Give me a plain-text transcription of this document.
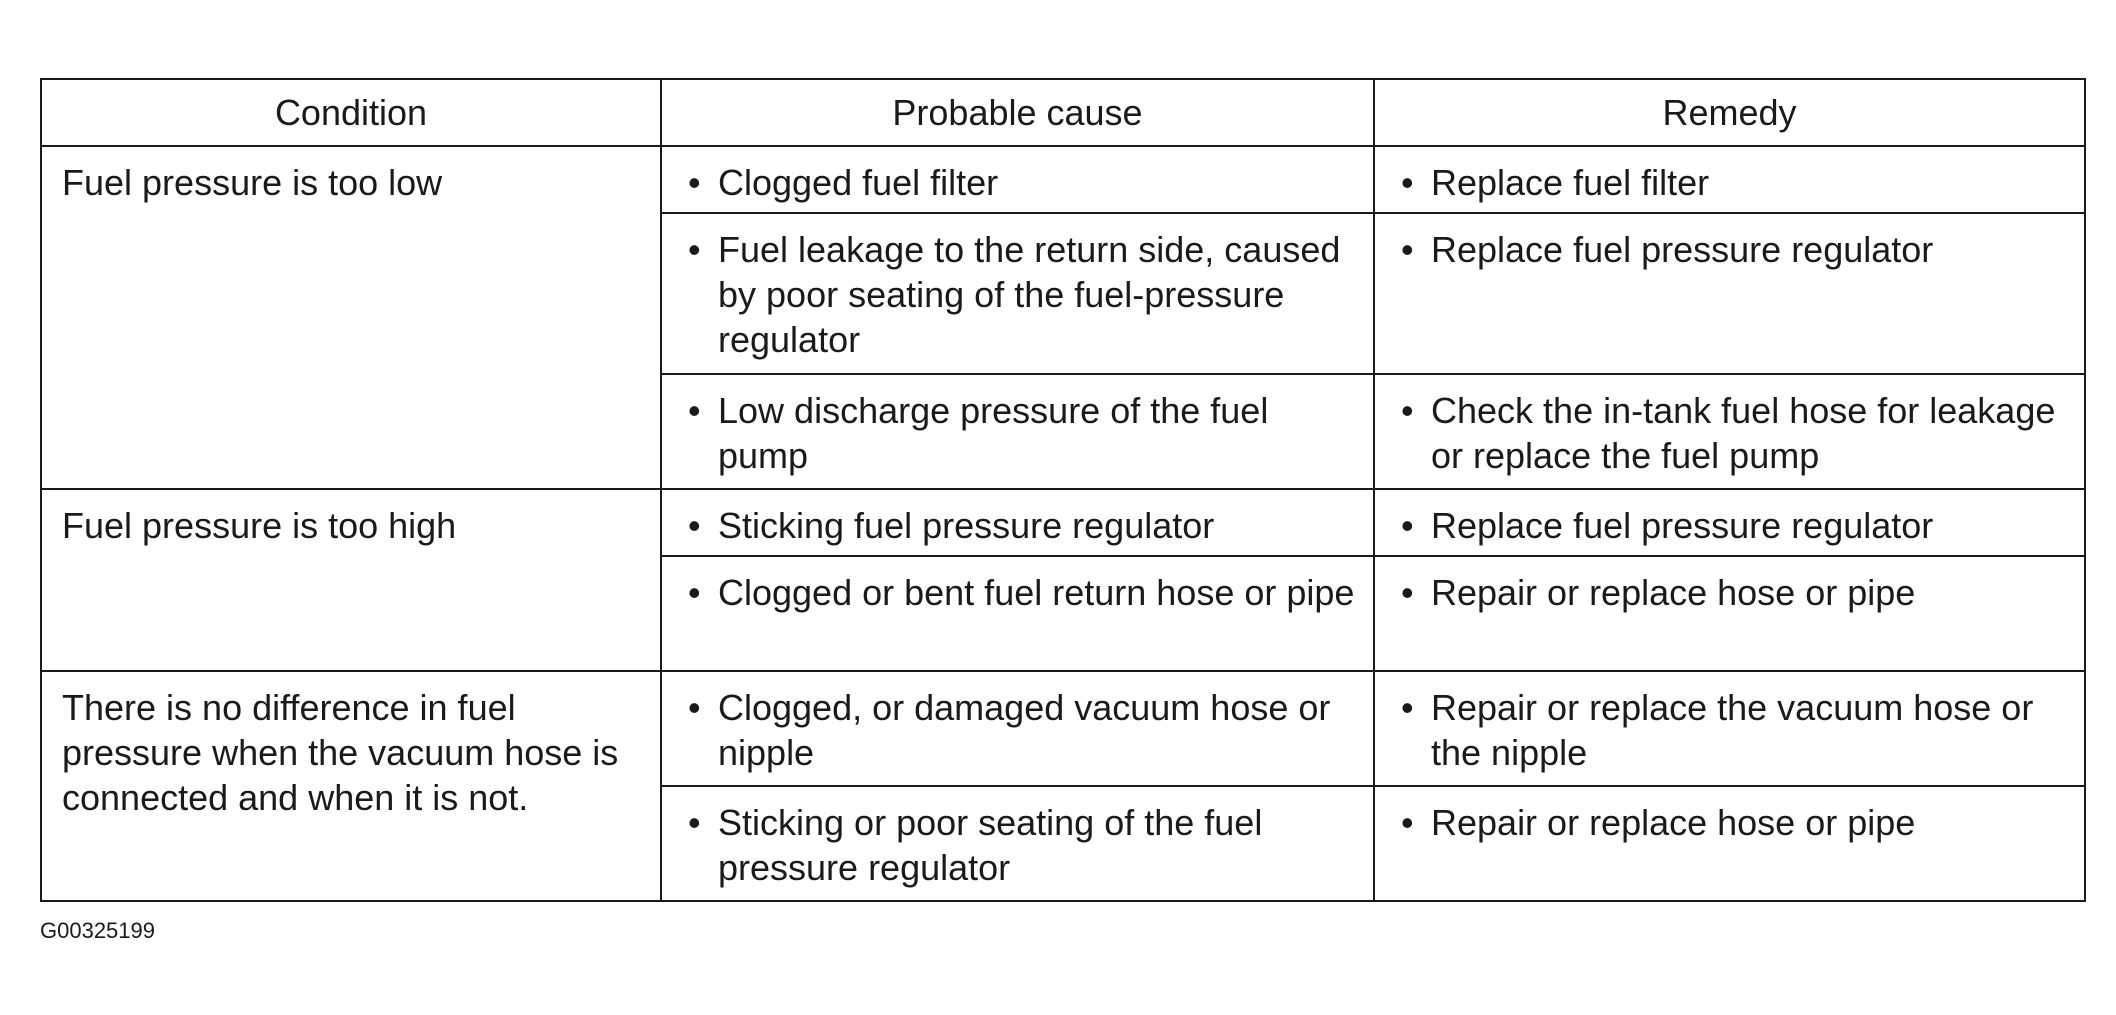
Condition	Probable cause	Remedy
Fuel pressure is too low	• Clogged fuel filter	• Replace fuel filter

	• Fuel leakage to the return side, caused by poor seating of the fuel-pressure regulator	• Replace fuel pressure regulator

	• Low discharge pressure of the fuel pump	• Check the in-tank fuel hose for leakage or replace the fuel pump

Fuel pressure is too high	• Sticking fuel pressure regulator	• Replace fuel pressure regulator

	• Clogged or bent fuel return hose or pipe	• Repair or replace hose or pipe

There is no difference in fuel pressure when the vacuum hose is connected and when it is not.	• Clogged, or damaged vacuum hose or nipple	• Repair or replace the vacuum hose or the nipple

	• Sticking or poor seating of the fuel pressure regulator	• Repair or replace hose or pipe
G00325199
